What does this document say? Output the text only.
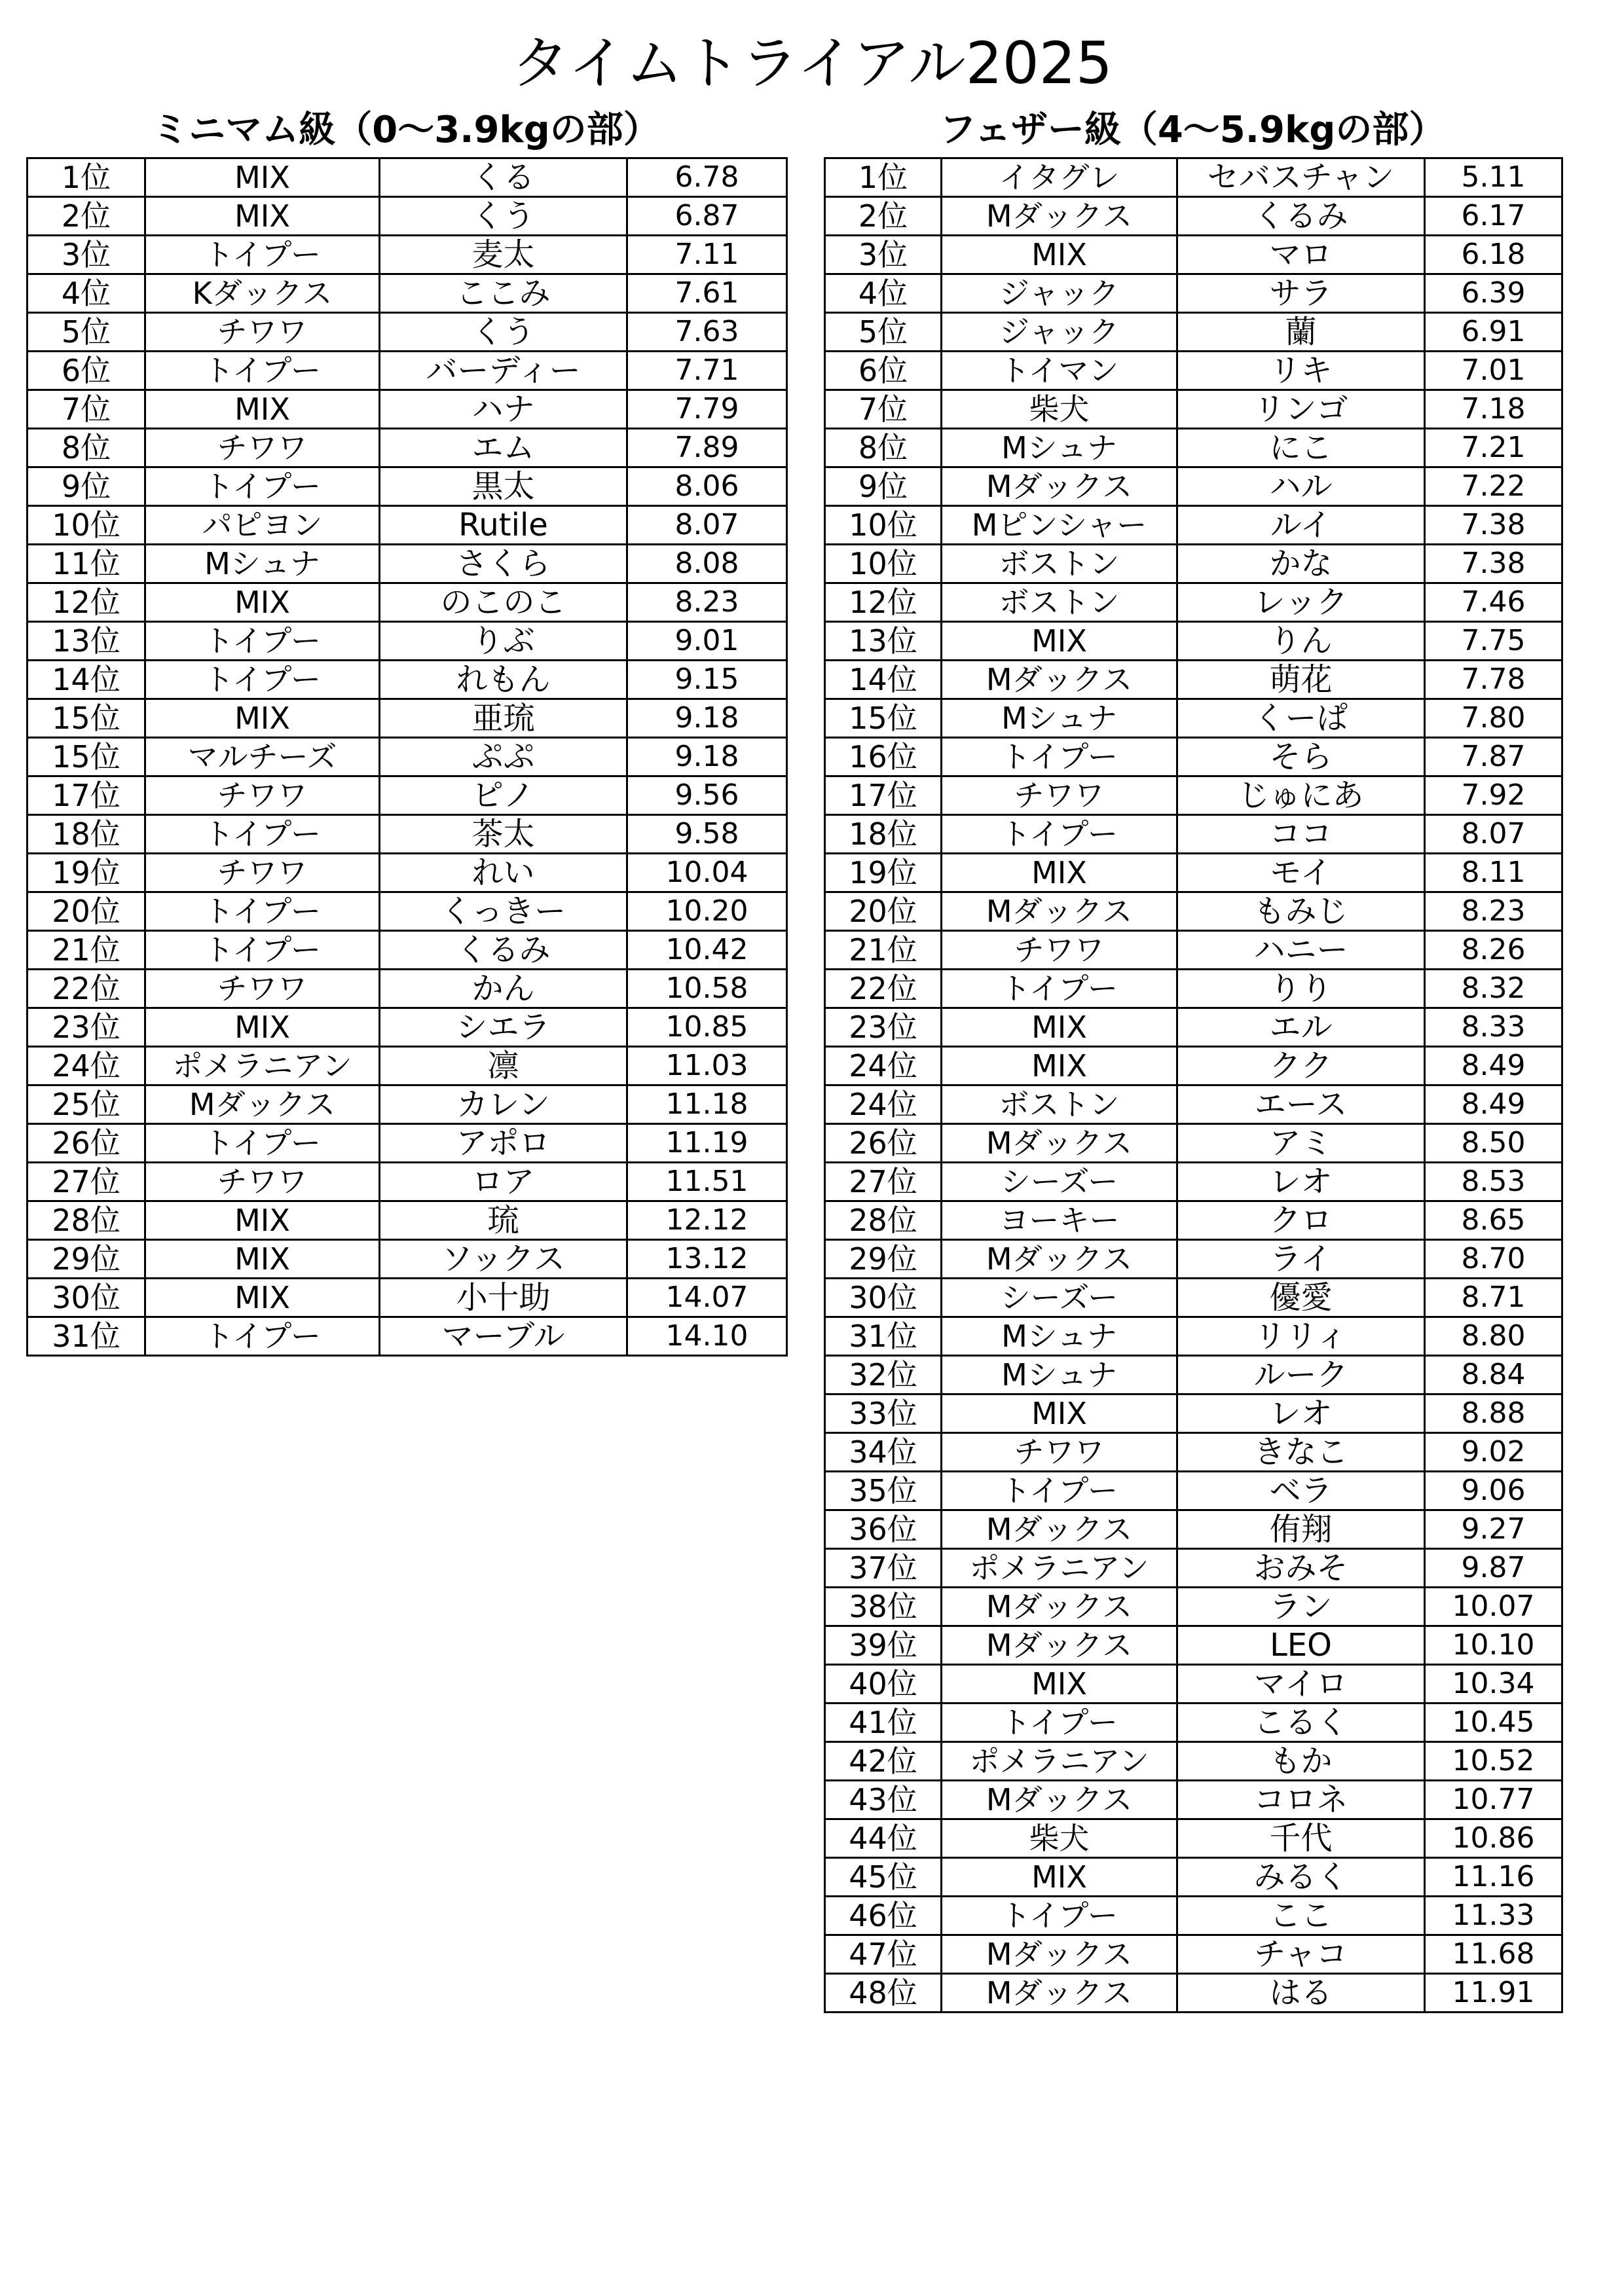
タイムトライアル2025
ミニマム級（0～3.9kgの部）	フェザー級（4～5.9kgの部）
1位	MIX	くる	6.78
2位	MIX	くう	6.87
3位	トイプー	麦太	7.11
4位	Kダックス	ここみ	7.61
5位	チワワ	くう	7.63
6位	トイプー	バーディー	7.71
7位	MIX	ハナ	7.79
8位	チワワ	エム	7.89
9位	トイプー	黒太	8.06
10位	パピヨン	Rutile	8.07
11位	Mシュナ	さくら	8.08
12位	MIX	のこのこ	8.23
13位	トイプー	りぶ	9.01
14位	トイプー	れもん	9.15
15位	MIX	亜琉	9.18
15位	マルチーズ	ぷぷ	9.18
17位	チワワ	ピノ	9.56
18位	トイプー	茶太	9.58
19位	チワワ	れい	10.04
20位	トイプー	くっきー	10.20
21位	トイプー	くるみ	10.42
22位	チワワ	かん	10.58
23位	MIX	シエラ	10.85
24位	ポメラニアン	凛	11.03
25位	Mダックス	カレン	11.18
26位	トイプー	アポロ	11.19
27位	チワワ	ロア	11.51
28位	MIX	琉	12.12
29位	MIX	ソックス	13.12
30位	MIX	小十助	14.07
31位	トイプー	マーブル	14.10
1位	イタグレ	セバスチャン	5.11
2位	Mダックス	くるみ	6.17
3位	MIX	マロ	6.18
4位	ジャック	サラ	6.39
5位	ジャック	蘭	6.91
6位	トイマン	リキ	7.01
7位	柴犬	リンゴ	7.18
8位	Mシュナ	にこ	7.21
9位	Mダックス	ハル	7.22
10位	Mピンシャー	ルイ	7.38
10位	ボストン	かな	7.38
12位	ボストン	レック	7.46
13位	MIX	りん	7.75
14位	Mダックス	萌花	7.78
15位	Mシュナ	くーぱ	7.80
16位	トイプー	そら	7.87
17位	チワワ	じゅにあ	7.92
18位	トイプー	ココ	8.07
19位	MIX	モイ	8.11
20位	Mダックス	もみじ	8.23
21位	チワワ	ハニー	8.26
22位	トイプー	りり	8.32
23位	MIX	エル	8.33
24位	MIX	クク	8.49
24位	ボストン	エース	8.49
26位	Mダックス	アミ	8.50
27位	シーズー	レオ	8.53
28位	ヨーキー	クロ	8.65
29位	Mダックス	ライ	8.70
30位	シーズー	優愛	8.71
31位	Mシュナ	リリィ	8.80
32位	Mシュナ	ルーク	8.84
33位	MIX	レオ	8.88
34位	チワワ	きなこ	9.02
35位	トイプー	ベラ	9.06
36位	Mダックス	侑翔	9.27
37位	ポメラニアン	おみそ	9.87
38位	Mダックス	ラン	10.07
39位	Mダックス	LEO	10.10
40位	MIX	マイロ	10.34
41位	トイプー	こるく	10.45
42位	ポメラニアン	もか	10.52
43位	Mダックス	コロネ	10.77
44位	柴犬	千代	10.86
45位	MIX	みるく	11.16
46位	トイプー	ここ	11.33
47位	Mダックス	チャコ	11.68
48位	Mダックス	はる	11.91
